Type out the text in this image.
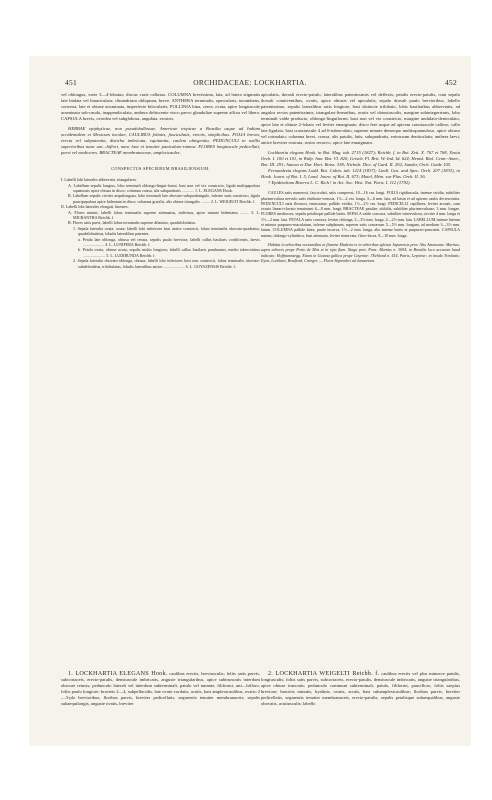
451	ORCHIDACEAE: LOCKHARTIA.	452

vel oblongus, varie 3—4-lobatus; discus varie callosus. COLUMNA brevissima, lata, ad latera stigmatis late bialata vel biauriculata; clinandrium obliquum, breve. ANTHERA terminalis, opercularis, incumbens, convexa, late et obtuse acuminata, imperfecte bilocularis; POLLINIA bina, cerea, ovata, apice longiuscule acuminata sub-cauda, inappendiculata, anthera dehiscente visco parvo glanduliae superne affixa vel libera. CAPSULA brevis, ovoidea vel subglobosa, angulata, erostris.

HERBAE epiphyticae, non pseudobulbosae, Americae tropicae a Brasilia usque ad Indiam occidentalem et Mexicum incolae, CAULIBUS foliatis, fasciculatis, erectis, simplicibus. FOLIA brevia, erecta vel subpatentia, disticha imbricata, equitantia, caulem obtegentia. PEDUNCULI in axillis superioribus nunc uni—biflori, nunc laxe et tenuiter paniculato-ramosi. FLORES longiuscule pedicellati, parvi vel mediocres. BRACTEAE membranaceae, amplexicaules.

CONSPECTUS SPECIERUM BRASILIENSIUM.
I. Labelli lobi laterales abbreviati, triangulares.
A. Labellum sepalis longius, lobo terminali oblongo-lingui-formi, basi non vel vix constricto, ligula multipapulosa squamosis apice obtusa in disco; columna crassa, alis subquadratis ............ 1. L. ELEGANS Hook.
B. Labellum sepalis circiter aequilongum, lobo terminali late obovato-subquadrangulo, inferne satis constricto, ligula paucipapulosa apice bidentata in disco; columna gracilis, alis obtuse triangulis ......... 2. L. WEIGELTI Reichb. f.
II. Labelli lobi laterales elongati, lineares.
A. Flores minuti; labelli lobus terminalis superne attenuatus, indivisus, apice minute bidentatus ........ 3. L. MICRANTHA Reichb. f.
B. Flores satis parvi; labelli lobus terminalis superne dilatatus, quadrilobulatus.
1. Sepala lateralia ovata, acuta; labelli lobi inferiores basi antice constricti, lobus terminalis obovato-quadratus, quadrilobulatus, lobulis lateralibus patentes.
a. Petala late oblonga, obtusa vel retusa, sepalis paulo breviora; labelli callus basilaris cordiformis, laevis ..................... 4. L. LUNIFERA Reichb. f.
b. Petala ovata, obtuse acuta, sepalis multo longiora; labelli callus basilaris panduratus, medio tuberculatus ...................... 5. L. LUDIBUNDA Reichb. f.
2. Sepala lateralia obovato-oblonga, obtusa; labelli lobi inferiores basi non constricti, lobus terminalis obovato-subdeltoideus, trilobulatus, lobulis lateralibus antice ..................... 6. L. GOYAZENSIS Reichb. f.

apiculatis, dorsali erecto-patulo, lateralibus patentissimis vel deflexis; petalis erecto-patulis, cum sepalo dorsali conniventibus, ovatis, apice obtusis vel apiculatis, sepalo dorsali paulo brevioribus; labello patentissimo, sepalis lateralibus satis longiore, basi distincte trilobato, lobis basilaribus abbreviatis, ad angulos rectos patentissimis, triangulari-linearibus, acutis vel obtusiusculis, margine subintegerrimis, lobo terminali valde producto, oblongo-linguiformi, basi non vel vix constricto, margine undulato-denticulato, apice late et obtuse 2-lobato vel leviter emarginato, disco fere usque ad apicem crassiuscule calloso, callo late ligulato, basi crassiuscule 4 ad 6-tuberculato, superne minute densequo multisquamuloso, apice obtuso vel rotundato; columna brevi, crassa, alis patulis, latis, subquadratis, extrorsum denticulatis; anthera laevi, antice breviter rostrata, rostro recurvo, apice late emarginato.

Lockhartia elegans Hook. in Bot. Mag. tab. 2715 (1827); Reichb. f. in Bot. Zeit. X. 767 et 768, Xenia Orch. I. 100 et 101, in Walp. Ann. Bot. VI. 820; Griseb. Fl. Brit. W.-Ind. Id. 624; Hemsl. Biol. Centr.-Amer., Bot. III. 291; Antran et Dur. Hort. Boiss. 338; Nichols. Dict. of Gard. II. 292; Sander, Orch. Guide 105.

Fernandezia elegans Lodd. Bot. Cabin. tab. 1214 (1837); Lindl. Gen. and Spec. Orch. 207 (1833), in Hook. Journ. of Bot. I. 5, Lond. Journ. of Bot. II. 673; Mutel, Mém. sur Plus. Orch. II. 36.

? Epidendrum Biserra L. C. Rich.! in Act. Soc. Hist. Nat. Paris. I. 112 (1792).

CAULES satis numerosi, fasciculati, satis compressi, 10—16 cm. longi. FOLIA rigidiuscula, intense viridia, subtiliter plurinervulosa nervulo satis elathrato-venosis, 1½—2 cm. longa, 3—6 mm. lata, ad basin et ad apicem caulis decrescentia. PEDUNCULI satis flexuosi, tenuissime, pallide viridia, 1½—2½ cm. longi. PEDICELLI capillares, leviter arcuati, cum ovario lineari-clavato tenuissimi 6—8 mm. longi. BRACTEAE patulae, sitibilis, subtiliter plurinervulosae, 3 mm. longae. FLORES mediocres, sepalis petalisque pallide luteis. SEPALA valde concava, subtiliter trinervulosa, circiter 4 mm. longa et 1½—2 mm. lata. PETALA satis concava, leviter oblonga, 3—3½ mm. longa, 2—2½ mm. lata. LABELLUM intense luteum et minute purpureo-maculatum, inferne subplanum, superne satis concavum 5—5½ mm. longum, ad medium 3—3½ mm. latum. COLUMNA pallide lutea, paulo incurva, 1½—2 mm. longa, alis intense luteis et purpureo-punctatis. CAPSULA nutans, oblongo-cylindrica, basi attenuata, leviter trinervata, flavo-fusca, 8—10 mm. longa.

Habitat in arboribus noctantibus in flumine Madeira et in arboribus splesus Japurensis prov. Alto Amazonas: Martius; supra arbores prope Porto de Móz et in ripa flum. Xingu prov. Para: Martius n. 3694; in Brasilia loco accurate haud indicato: Hoffmannsegg. Etiam in Guiana gallica prope Cayenne: l'Eeblond n. 414, Patris, Leprieur; in insula Trinitatis: Eyon, Lockhart, Bradford, Crueger. — Floret Septembri ad Januarium.

1. LOCKHARTIA ELEGANS Hook. caulibus erectis, breviusculis; foliis satis parvis, subcoriaceis, erecto-patulis, densiuscule imbricatis, anguste triangularibus, apice subtruncatis interdum obscure retusis; pedunculo laterali vel interdum subterminali, patulo vel nutante, filiformi, uni—bifloro, foliis paulo longiore; bracteis 2—4, subpellucidis, late ovato-cordatis, acutis, basi amplexicaulibus, ovario 2—3-plo brevioribus; floribus parvis, breviter pedicellatis, segmentis tenuiter membranaceis; sepalis subaequilongis, anguste ovatis, breviter

2. LOCKHARTIA WEIGELTI Reichb. f. caulibus erectis vel plus minusve patulis, longiusculis; foliis satis parvis, subcoriaceis, erecto-patulis, densiuscule imbricatis, anguste triangularibus, apice obtuse truncatis; pedunculo communi subterminali, patulo, filiformi, paucifloro, foliis saepius breviore; bracteis minutis, hyalinis, ovatis, acutis, basi subamplexicaulibus; floribus parvis, breviter pedicellatis, segmentis tenuiter membranaceis, erecto-patulis; sepalis petalisque subaequalibus, anguste obovatis, acutiusculis; labello
